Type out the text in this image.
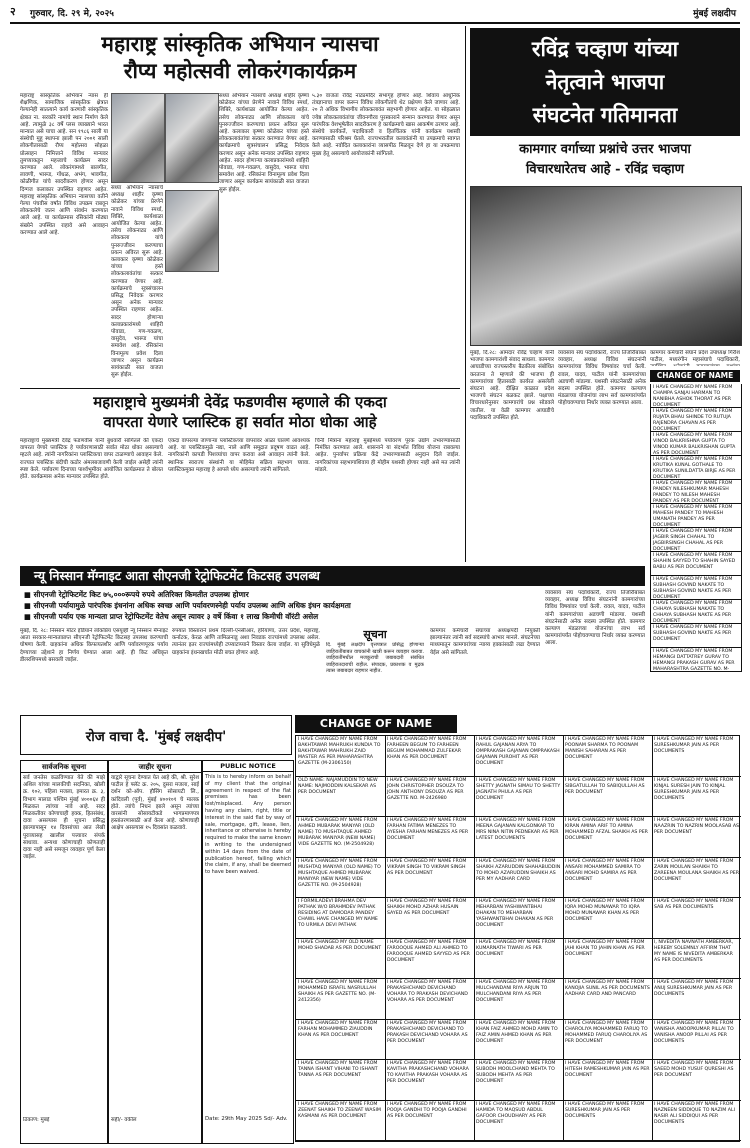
२ गुरुवार, दि. २९ मे, २०२५	मुंबई लक्षदीप
महाराष्ट्र सांस्कृतिक अभियान न्यासचा
रौप्य महोत्सवी लोकरंगकार्यक्रम
महाराष्ट्र सांस्कृतिक अभियान न्यास ही शैक्षणिक, सामाजिक सांस्कृतिक क्षेत्रात गेल्यानेही सातत्याने कार्य करणारी सांस्कृतिक क्षेत्रात ना. सरकोरे नामांचे स्थान निर्माण केले आहे. त्यामुळे ३८ वर्षे प्लस व्याख्याने भारत मान्यात असे याचा आहे. सन १९८६ साली या संस्थेची मुहू स्थापना झाली पन २००१ साली लोकगीतासाठी रौप्य महोत्सव सोहळा प्रोत्साहन निमित्ताने विविध मान्यवर तुमच्याकडून महत्त्वाचे कार्यक्रम सादर करण्यात आले. लोकरंगामध्ये बालगीत, लावणी, भारूड, गोंधळ, अभंग, भावगीत, कोळीगीत यांचे सादरीकरण होणार असून दिग्गज कलाकार उपस्थित राहणार आहेत. महाराष्ट्र सांस्कृतिक अभियान न्यासच्या वतीने गेल्या पंचवीस वर्षांत विविध उपक्रम राबवून लोककलेचे जतन आणि संवर्धन करण्यात आले आहे. या कार्यक्रमास रसिकांनी मोठ्या संख्येने उपस्थित राहावे असे आवाहन करण्यात आले आहे.
सध्या अभियान न्यासाचे अध्यक्ष शाहीर कृष्णा कोळेकर यांच्या प्रेरणेने नावाने विविध स्पर्धा, शिबिरे, कार्यशाळा आयोजित केल्या आहेत. तसेच लोकनाट्य आणि लोककला यांचे पुनरुज्जीवन करण्याचा प्रयत्न अविरत सुरू आहे. कलाकार कृष्णा कोळेकर यांच्या हस्ते लोककलावंतांचा सत्कार करण्यात येणार आहे. कार्यक्रमाचे सूत्रसंचालन प्रसिद्ध निवेदक करणार असून अनेक मान्यवर उपस्थित राहणार आहेत. सादर होणाऱ्या कलाप्रकारांमध्ये शाहिरी पोवाडा, गण-गवळण, वासुदेव, भारूड यांचा समावेश आहे. रसिकांना विनामूल्य प्रवेश दिला जाणार असून कार्यक्रम सायंकाळी सात वाजता सुरू होईल.
सध्या अभियान न्यासाचे अध्यक्ष शाहीर कृष्णा कोळेकर यांच्या प्रेरणेने नावाने विविध स्पर्धा, शिबिरे, कार्यशाळा आयोजित केल्या आहेत. तसेच लोकनाट्य आणि लोककला यांचे पुनरुज्जीवन करण्याचा प्रयत्न अविरत सुरू आहे. कलाकार कृष्णा कोळेकर यांच्या हस्ते लोककलावंतांचा सत्कार करण्यात येणार आहे. कार्यक्रमाचे सूत्रसंचालन प्रसिद्ध निवेदक करणार असून अनेक मान्यवर उपस्थित राहणार आहेत. सादर होणाऱ्या कलाप्रकारांमध्ये शाहिरी पोवाडा, गण-गवळण, वासुदेव, भारूड यांचा समावेश आहे. रसिकांना विनामूल्य प्रवेश दिला जाणार असून कार्यक्रम सायंकाळी सात वाजता सुरू होईल.
५.३० वाजता रविंद्र नाट्यमंदिर सभागृह होणार आहे. शिवाय आधुनिक तंत्रज्ञानाचा वापर करून विविध लोकगीतांचे थेट प्रक्षेपण केले जाणार आहे. २० ते अधिक विभागीय लोककलावंत सहभागी होणार आहेत. या सोहळ्यात ज्येष्ठ लोककलावंतांचा जीवनगौरव पुरस्काराने सन्मान करण्यात येणार असून पारंपरिक वेशभूषेतील सादरीकरण हे कार्यक्रमाचे खास आकर्षण ठरणार आहे. संस्थेचे कार्यकर्ते, पदाधिकारी व हितचिंतक यांनी कार्यक्रम यशस्वी करण्यासाठी परिश्रम घेतले. राज्यभरातील कलावंतांनी या उपक्रमाचे स्वागत केले आहे. नवोदित कलाकारांना व्यासपीठ मिळवून देणे हा या उपक्रमाचा मुख्य हेतू असल्याचे आयोजकांनी सांगितले.
रविंद्र चव्हाण यांच्या
नेतृत्वाने भाजपा
संघटनेत गतिमानता
कामगार वर्गाच्या प्रश्नांचे उत्तर भाजपा
विचारधारेतच आहे - रविंद्र चव्हाण
मुंबई, दि.२८: आमदार रविंद्र चव्हाण यांनी भाजपा कामगारांशी संवाद साधला. कामगार आघाडीच्या राज्यस्तरीय बैठकीला संबोधित करताना ते म्हणाले की भाजपा ही कामगारांच्या हितासाठी कार्यरत असलेली संघटना आहे. दीक्षित काळात प्रदेश भाजपचे संघटन बळकट झाले. पक्षाच्या विचारधारेनुसार कामगारांचे प्रश्न सोडवले जातील. या वेळी कामगार आघाडीचे पदाधिकारी उपस्थित होते.
व्यवसाय संघ पदाधिकारी, राज्य तिजोरीबाबत व्यवहार, अध्यक्ष विविध संघटनांनी कामगारांच्या विविध विषयांवर चर्चा केली. रावल, यादव, पाटील यांनी कामगारांच्या अडचणी मांडल्या. यशस्वी संघटनेसाठी अनेक सदस्य उपस्थित होते. कामगार कल्याण मंडळाच्या योजनांचा लाभ सर्व कामगारांपर्यंत पोहोचवण्याचा निर्धार व्यक्त करण्यात आला.
कामगार कर्मचारी संघाने प्रदेश उपाध्यक्ष गिरीश पाटील, मध्यरंगीन महासंघाचे पदाधिकारी,
महाराष्ट्राचे मुख्यमंत्री देवेंद्र फडणवीस म्हणाले की एकदा
वापरता येणारे प्लास्टिक हा सर्वात मोठा धोका आहे
महाराष्ट्राचे मुख्यमंत्री देवेंद्र फडणवीस यांनी बुधवारी सांगितले की एकदा वापरता येणारे प्लास्टिक हे पर्यावरणासाठी सर्वात मोठा धोका असल्याचे म्हटले आहे. त्यांनी नागरिकांना प्लास्टिकचा वापर टाळण्याचे आवाहन केले. राज्यात प्लास्टिक बंदीची कठोर अंमलबजावणी केली जाईल असेही त्यांनी स्पष्ट केले. पर्यावरण दिनाच्या पार्श्वभूमीवर आयोजित कार्यक्रमात ते बोलत होते. कार्यक्रमास अनेक मान्यवर उपस्थित होते.
एकदा वापरल्या जाणाऱ्या प्लास्टिकच्या वापरावर आळा घालणे आवश्यक आहे. या प्लास्टिकमुळे नद्या, नाले आणि समुद्रात प्रदूषण वाढत आहे. नागरिकांनी कापडी पिशव्यांचा वापर करावा असे आवाहन त्यांनी केले. स्थानिक स्वराज्य संस्थांनी या मोहिमेत सक्रिय सहभाग घ्यावा. प्लास्टिकमुक्त महाराष्ट्र हे आपले ध्येय असल्याचे त्यांनी सांगितले.
चिनी मित्रांना महाराष्ट्र मुंबईमध्ये पर्यावरण पूरक उद्योग उभारण्यासाठी निमंत्रित करण्यात आले. शासनाने या संदर्भात विविध योजना राबवल्या आहेत. पुनर्वापर प्रक्रिया केंद्रे उभारण्यासाठी अनुदान दिले जाईल. नागरिकांच्या सहभागाशिवाय ही मोहीम यशस्वी होणार नाही असे मत त्यांनी मांडले.
CHANGE OF NAME
I HAVE CHANGED MY NAME FROM CHAMPA SANJAI HARMAN TO NANIBHA ASHOK THORAT AS PER DOCUMENT
I HAVE CHANGED MY NAME FROM RUJATA BHAU SHINDE TO RUTUJA RAJENDRA CHAVAN AS PER DOCUMENT
I HAVE CHANGED MY NAME FROM VINOD BALKRISHNA GUPTA TO VINOD KUMAR BALKRISHAN GUPTA AS PER DOCUMENT
I HAVE CHANGED MY NAME FROM KRUTIKA KUNAL GOTHALE TO KRUTIKA SUNILDATTA BIRJE AS PER DOCUMENT
I HAVE CHANGED MY NAME FROM PANDEY NILESHKUMAR MAHESH PANDEY TO NILESH MAHESH PANDEY AS PER DOCUMENT
I HAVE CHANGED MY NAME FROM MAHESH PANDEY TO MAHESH UMANATH PANDEY AS PER DOCUMENT
I HAVE CHANGED MY NAME FROM JAGBIR SINGH CHAHAL TO JAGBIRSINGH CHAHAL AS PER DOCUMENT
I HAVE CHANGED MY NAME FROM SHAHIN SAYYED TO SHAHIN SAYED BABU AS PER DOCUMENT
I HAVE CHANGED MY NAME FROM SUBHASH GOVIND NAKATE TO SUBHASH GOVIND NAKTE AS PER DOCUMENT
I HAVE CHANGED MY NAME FROM CHHAYA SUBHASH NAKATE TO CHHAYA SUBHASH NAKTE AS PER DOCUMENT
I HAVE CHANGED MY NAME FROM SUBHASH GOVIND NAKTE AS PER DOCUMENT
I HAVE CHANGED MY NAME FROM HEMANGI DATTATREY GURAV TO HEMANGI PRAKASH GURAV AS PER MAHARASHTRA GAZETTE NO. M-
न्यू निस्सान मॅग्नाइट आता सीएनजी रेट्रोफिटमेंट किटसह उपलब्ध
■ सीएनजी रेट्रोफिटमेंट किट ७५,०००रूपये रुपये अतिरिक्त किमतीत उपलब्ध होणार
■ सीएनजी पर्यायामुळे पारंपरिक इंधनांना अधिक स्वच्छ आणि पर्यावरणस्नेही पर्याय उपलब्ध आणि अधिक इंधन कार्यक्षमता
■ सीएनजी पर्याय एक मान्यता प्राप्त रेट्रोफिटमेंट वेतेच असून त्यावर ३ वर्षे किंवा १ लाख किमीची वॉरंटी असेल
मुंबई, दि. २८: निस्सान मोटर इंडियाने लोकप्रिय एसयूव्ही न्यू निस्सान मॅग्नाइट आता सरकार-मान्यताप्राप्त सीएनजी रेट्रोफिटमेंट किटसह उपलब्ध करण्याची घोषणा केली. ग्राहकांना अधिक किफायतशीर आणि पर्यावरणपूरक पर्याय देण्याच्या उद्देशाने हा निर्णय घेण्यात आला आहे. ही किट अधिकृत डीलरशिपमध्ये बसवली जाईल.
रुपयात विस्ताराने प्रथम दिल्ली-एनसीआर, हरियाणा, उत्तर प्रदेश, महाराष्ट्र, कर्नाटक, केरळ आणि तामिळनाडू अशा निवडक राज्यांमध्ये उपलब्ध असेल. त्यानंतर इतर राज्यांमध्येही टप्प्याटप्प्याने विस्तार केला जाईल. या सुविधेमुळे ग्राहकांना इंधनखर्चात मोठी बचत होणार आहे.
सूचना
दि. मुंबई लक्षदीप वृत्तपत्रात प्रसिद्ध होणाऱ्या जाहिरातींबाबत वाचकांनी खात्री करून व्यवहार करावा. जाहिरातींमधील मजकुराची जबाबदारी संबंधित जाहिरातदाराची राहील. संपादक, प्रकाशक व मुद्रक त्यास जबाबदार राहणार नाहीत.
कामगार कर्मचारी संघाच्या अध्यक्षपदी नियुक्ती झाल्यानंतर त्यांनी सर्व सदस्यांचे आभार मानले. संघटनेच्या माध्यमातून कामगारांच्या न्याय्य हक्कांसाठी लढा देण्यात येईल असे सांगितले.
व्यवसाय संघ पदाधिकारी, राज्य तिजोरीबाबत व्यवहार, अध्यक्ष विविध संघटनांनी कामगारांच्या विविध विषयांवर चर्चा केली. रावल, यादव, पाटील यांनी कामगारांच्या अडचणी मांडल्या. यशस्वी संघटनेसाठी अनेक सदस्य उपस्थित होते. कामगार कल्याण मंडळाच्या योजनांचा लाभ सर्व कामगारांपर्यंत पोहोचवण्याचा निर्धार व्यक्त करण्यात आला.
रोज वाचा दै. 'मुंबई लक्षदीप'
सार्वजनिक सूचना
सर्व जनतेस कळविण्यात येते की माझे अशिल यांच्या मालकीची सदनिका, खोली क्र. १०२, पहिला मजला, इमारत क्र. ३, विभाग मालाड पश्चिम मुंबई ४०००६४ ही मिळकत त्यांच्या नावे आहे. सदर मिळकतीवर कोणाचाही हक्क, हितसंबंध, दावा असल्यास ही सूचना प्रसिद्ध झाल्यापासून १४ दिवसांच्या आत लेखी पुराव्यासह खालील पत्त्यावर संपर्क साधावा. अन्यथा कोणाचाही कोणताही दावा नाही असे समजून व्यवहार पूर्ण केला जाईल.
ठिकाण: मुंबई
जाहीर सूचना
याद्वारे सूचना देण्यात येत आहे की, श्री. सुरेश पाटील हे फ्लॅट क्र. २०५, दुसरा मजला, साई दर्शन को-ऑप. हौसिंग सोसायटी लि., कांदिवली (पूर्व), मुंबई ४००१०१ चे मालक होते. त्यांचे निधन झाले असून त्यांच्या वारसांनी सोसायटीकडे भागप्रमाणपत्र हस्तांतरणासाठी अर्ज केला आहे. कोणाचाही आक्षेप असल्यास १५ दिवसांत कळवावे.
सही/- वकील
PUBLIC NOTICE
This is to hereby inform on behalf of my client that the original agreement in respect of the flat premises has been lost/misplaced. Any person having any claim, right, title or interest in the said flat by way of sale, mortgage, gift, lease, lien, inheritance or otherwise is hereby required to make the same known in writing to the undersigned within 14 days from the date of publication hereof, failing which the claim, if any, shall be deemed to have been waived.
Date: 29th May 2025 Sd/- Adv.
CHANGE OF NAME
I HAVE CHANGED MY NAME FROM BAKHTAWAR MAHRUKH KUNDIA TO BAKHTAWAR MAHRUKH ZAID MASTER AS PER MAHARASHTRA GAZETTE (M-2306150)
OLD NAME: NAJAMUDDIN TO NEW NAME: NAJMODDIN KALSEKAR AS PER DOCUMENT
I HAVE CHANGED MY NAME FROM AHMED MUBARAK MANYAR (OLD NAME) TO MUSHTAQUE AHMED MUBARAK MANIYAR (NEW NAME) VIDE GAZETTE NO. (M-2504928)
I HAVE CHANGED MY NAME FROM MUSHTAQ MANYAR (OLD NAME) TO MUSHTAQUE AHMED MUBARAK MANIYAR (NEW NAME) VIDE GAZETTE NO. (M-2504928)
I FORMILADEVI BRAHMA DEV PATHAK W/O BRAHMDEV PATHAK RESIDING AT DAMODAR PANDEY CHAWL HAVE CHANGED MY NAME TO URMILA DEVI PATHAK
I HAVE CHANGED MY OLD NAME MOHD SHADAB AS PER DOCUMENT
I HAVE CHANGED MY NAME FROM MOHAMMED ISRAFIL NASRULLAH SHAIKH AS PER GAZETTE NO. (M-2412356)
I HAVE CHANGED MY NAME FROM FARHAN MOHAMMED ZIAUDDIN KHAN AS PER DOCUMENT
I HAVE CHANGED MY NAME FROM TANNA ISHANT VIHANI TO ISHANT TANNA AS PER DOCUMENT
I HAVE CHANGED MY NAME FROM ZEENAT SHAIKH TO ZEENAT WASIM KASMANI AS PER DOCUMENT
I HAVE CHANGED MY NAME FROM FARHEEN BEGUM TO FARHEEN BEGUM MOHAMMAD ZULFEKAR KHAN AS PER DOCUMENT
I HAVE CHANGED MY NAME FROM JOHN CHRISTOPHER DSOUZA TO JOHN ANTHONY DSOUZA AS PER GAZETTE NO. M-2426980
I HAVE CHANGED MY NAME FROM FARHAN FATIMA MENEZES TO AYESHA FARHAN MENEZES AS PER DOCUMENT
I HAVE CHANGED MY NAME FROM VIKRAM SINGH TO VIKRAM SINGH AS PER DOCUMENT
I HAVE CHANGED MY NAME FROM SHAIKH MOHD AZHAR HUSAIN SAYED AS PER DOCUMENT
I HAVE CHANGED MY NAME FROM FAROOQUE AHMED ALI AHMED TO FAROOQUE AHMED SAYYED AS PER DOCUMENT
I HAVE CHANGED MY NAME FROM PRAKASHCHAND DEVICHAND VOHARA TO PRAKASH DEVICHAND VOHARA AS PER DOCUMENT
I HAVE CHANGED MY NAME FROM PRAKASHCHAND DEVICHAND TO PRAKASH DEVICHAND VOHARA AS PER DOCUMENT
I HAVE CHANGED MY NAME FROM KAVITHA PRAKASHCHAND VOHARA TO KAVITHA PRAKASH VOHARA AS PER DOCUMENT
I HAVE CHANGED MY NAME FROM POOJA GANDHI TO POOJA GANDHI AS PER DOCUMENT
I HAVE CHANGED MY NAME FROM RAHUL GAJANAN ARYA TO OMPRAKASH GAJANAN OMPRAKASH GAJANAN PUROHIT AS PER DOCUMENT
I HAVE CHANGED MY NAME FROM SHETTY JAGNATH SIMAU TO SHETTY JAGNATH PHULA AS PER DOCUMENT
I HAVE CHANGED MY NAME FROM MEENA GAJANAN KALGONKAR TO MRS NINA NITIN PEDNEKAR AS PER LATEST DOCUMENTS
I HAVE CHANGED MY NAME FROM SHAIKH AZARUDDIN SHAHABUDDIN TO MOHD AZARUDDIN SHAIKH AS PER MY AADHAR CARD
I HAVE CHANGED MY NAME FROM MEHARBAN YASHWANTBHAI DHAKAN TO MEHARBAN YASHWANTBHAI DHAKAN AS PER DOCUMENT
I HAVE CHANGED MY NAME FROM KUMARNATH TIWARI AS PER DOCUMENT
I HAVE CHANGED MY NAME FROM MULCHANDANI RIYA ARJUN TO MULCHANDANI RIYA AS PER DOCUMENT
I HAVE CHANGED MY NAME FROM KHAN FAIZ AHMED MOHD AMIN TO FAIZ AMIN AHMED KHAN AS PER DOCUMENT
I HAVE CHANGED MY NAME FROM SUBODH MOOLCHAND MEHTA TO SUBODH MEHTA AS PER DOCUMENT
I HAVE CHANGED MY NAME FROM HAMIDA TO MAQSUD ABDUL GAFOOR CHOUDHARY AS PER DOCUMENT
I HAVE CHANGED MY NAME FROM POONAM SHARMA TO POONAM MANISH SAHARAN AS PER DOCUMENT
I HAVE CHANGED MY NAME FROM SIBGATULLAH TO SABIQULLAH AS PER DOCUMENT
I HAVE CHANGED MY NAME FROM KIRAN AMINA ARIF TO AMINA MOHAMMED AFZAL SHAIKH AS PER DOCUMENT
I HAVE CHANGED MY NAME FROM ANSARI MOHAMMED SAMIRA TO ANSARI MOHD SAMIRA AS PER DOCUMENT
I HAVE CHANGED MY NAME FROM IQRA MOHD MUNAWAR TO IQRA MOHD MUNAWAR KHAN AS PER DOCUMENT
I HAVE CHANGED MY NAME FROM JAHI KHAN TO JAHIN KHAN AS PER DOCUMENT
I HAVE CHANGED MY NAME FROM KANOJIA SUNIL AS PER DOCUMENTS AADHAR CARD AND PANCARD
I HAVE CHANGED MY NAME FROM CHAROLIYA MOHAMMED FARUQ TO MOHAMMED FARUQ CHAROLIYA AS PER DOCUMENT
I HAVE CHANGED MY NAME FROM HITESH RAMESHKUMAR JAIN AS PER DOCUMENT
I HAVE CHANGED MY NAME FROM SURESHKUMAR JAIN AS PER DOCUMENTS
I HAVE CHANGED MY NAME FROM SURESHKUMAR JAIN AS PER DOCUMENTS
I HAVE CHANGED MY NAME FROM KINJAL SURESH JAIN TO KINJAL SURESHKUMAR JAIN AS PER DOCUMENTS
I HAVE CHANGED MY NAME FROM NAAZRIN TO NAZRIN MOOLASAB AS PER DOCUMENT
I HAVE CHANGED MY NAME FROM ZARIN MOULAN SHAIKH TO ZAREENA MOULANA SHAIKH AS PER DOCUMENT
I HAVE CHANGED MY NAME FROM SAB AS PER DOCUMENTS
I, NIVEDITA NAVNATH AMBERKAR, HEREBY SOLEMNLY AFFIRM THAT MY NAME IS NIVEDITA AMBERKAR AS PER DOCUMENTS
I HAVE CHANGED MY NAME FROM ANUJ SURESHKUMAR JAIN AS PER DOCUMENTS
I HAVE CHANGED MY NAME FROM VANISHA ANOOPKUMAR PILLAI TO VANISHA ANOOP PILLAI AS PER DOCUMENTS
I HAVE CHANGED MY NAME FROM SAEED MOHD YUSUF QURESHI AS PER DOCUMENT
I HAVE CHANGED MY NAME FROM NAZNEEN SIDDIQUE TO NAZIM ALI NASIR ALI SIDDIQUI AS PER DOCUMENTS
